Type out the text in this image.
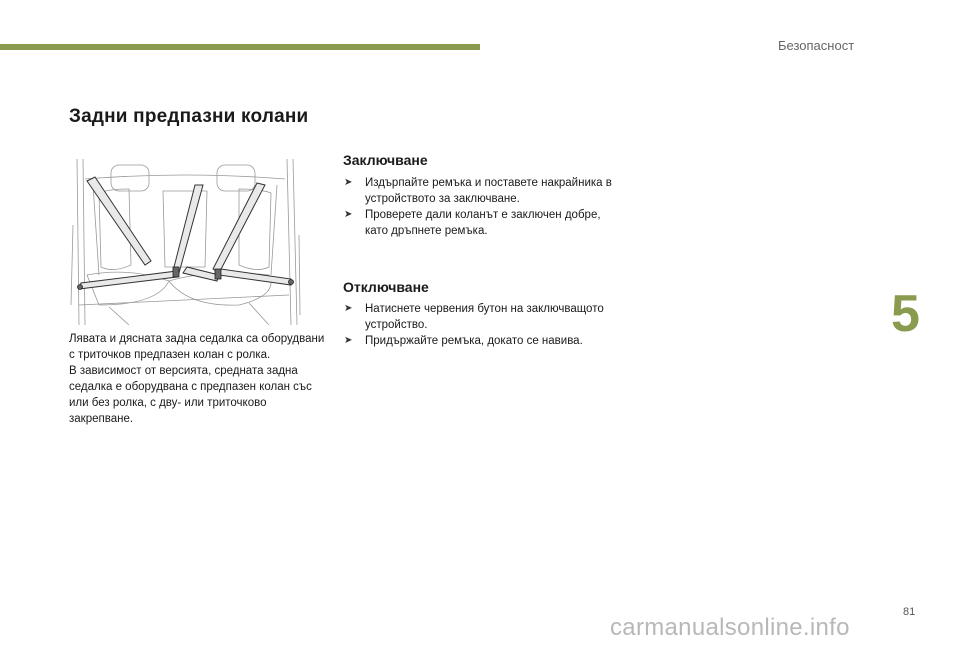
Безопасност
5
Задни предпазни колани

Лявата и дясната задна седалка са оборудвани с триточков предпазен колан с ролка.

В зависимост от версията, средната задна седалка е оборудвана с предпазен колан със или без ролка, с дву- или триточково закрепване.

Заключване
➤ Издърпайте ремъка и поставете накрайника в устройството за заключване.
➤ Проверете дали коланът е заключен добре, като дръпнете ремъка.
Отключване
➤ Натиснете червения бутон на заключващото устройство.
➤ Придържайте ремъка, докато се навива.
81
carmanualsonline.info
